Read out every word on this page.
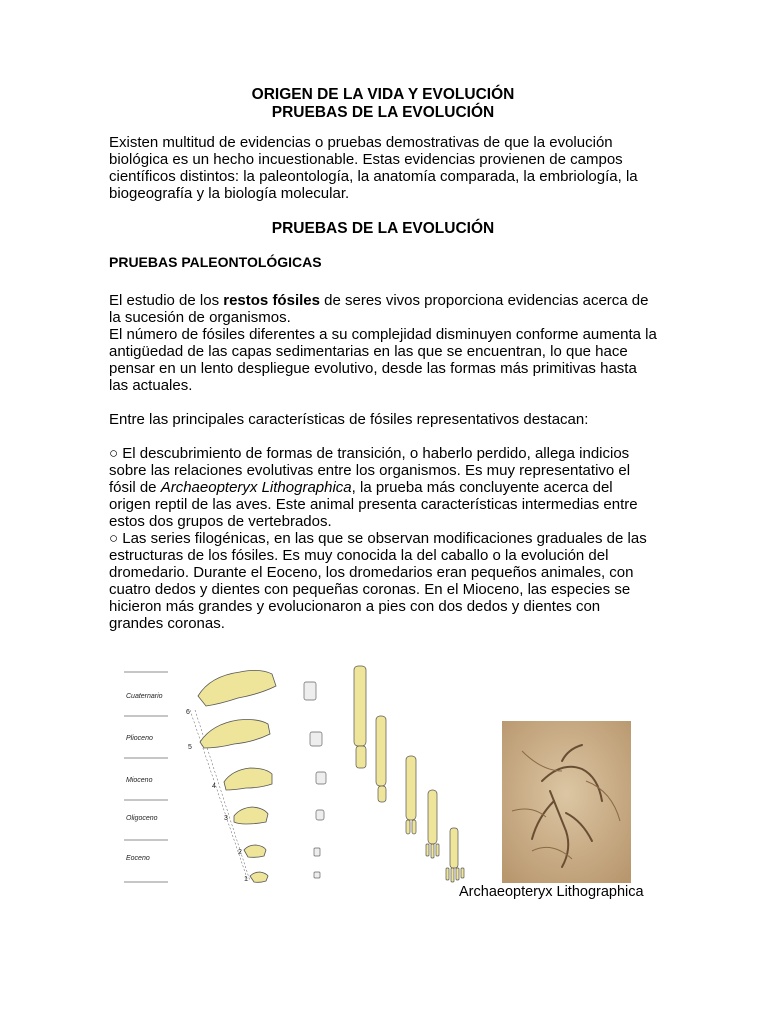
ORIGEN DE LA VIDA Y EVOLUCIÓN

PRUEBAS DE LA EVOLUCIÓN

Existen multitud de evidencias o pruebas demostrativas de que la evolución biológica es un hecho incuestionable. Estas evidencias provienen de campos científicos distintos: la paleontología, la anatomía comparada, la embriología, la biogeografía y la biología molecular.

PRUEBAS DE LA EVOLUCIÓN

PRUEBAS PALEONTOLÓGICAS

El estudio de los restos fósiles de seres vivos proporciona evidencias acerca de la sucesión de organismos.

El número de fósiles diferentes a su complejidad disminuyen conforme aumenta la antigüedad de las capas sedimentarias en las que se encuentran, lo que hace pensar en un lento despliegue evolutivo, desde las formas más primitivas hasta las actuales.

Entre las principales características de fósiles representativos destacan:

○ El descubrimiento de formas de transición, o haberlo perdido, allega indicios sobre las relaciones evolutivas entre los organismos. Es muy representativo el fósil de Archaeopteryx Lithographica, la prueba más concluyente acerca del origen reptil de las aves. Este animal presenta características intermedias entre estos dos grupos de vertebrados.

○ Las series filogénicas, en las que se observan modificaciones graduales de las estructuras de los fósiles. Es muy conocida la del caballo o la evolución del dromedario. Durante el Eoceno, los dromedarios eran pequeños animales, con cuatro dedos y dientes con pequeñas coronas. En el Mioceno, las especies se hicieron más grandes y evolucionaron a pies con dos dedos y dientes con grandes coronas.

Cuaternario
Plioceno
Mioceno
Oligoceno
Eoceno
6
5
4
3
2
1
Archaeopteryx Lithographica
